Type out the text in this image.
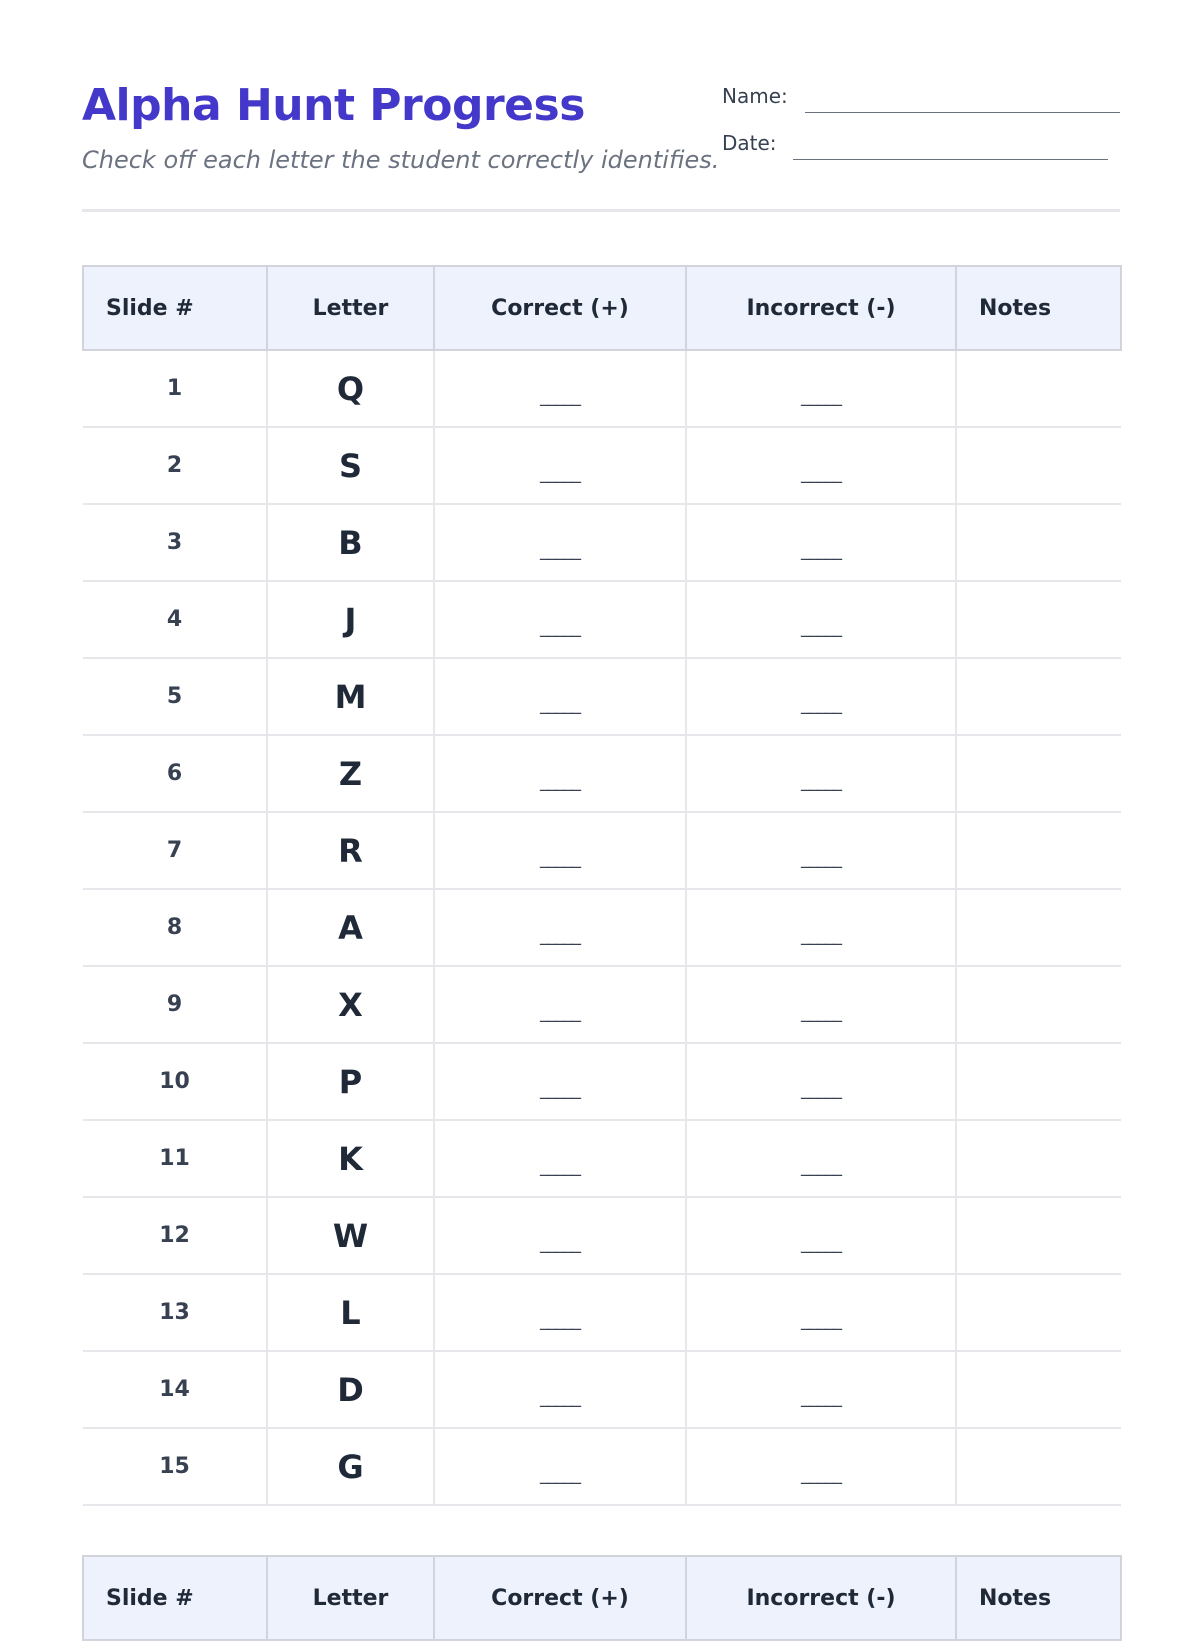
Alpha Hunt Progress
Check off each letter the student correctly identifies.
Name:
Date:
Slide #	Letter	Correct (+)	Incorrect (-)	Notes
1	Q	_____	_____	
2	S	_____	_____	
3	B	_____	_____	
4	J	_____	_____	
5	M	_____	_____	
6	Z	_____	_____	
7	R	_____	_____	
8	A	_____	_____	
9	X	_____	_____	
10	P	_____	_____	
11	K	_____	_____	
12	W	_____	_____	
13	L	_____	_____	
14	D	_____	_____	
15	G	_____	_____	
Slide #	Letter	Correct (+)	Incorrect (-)	Notes
